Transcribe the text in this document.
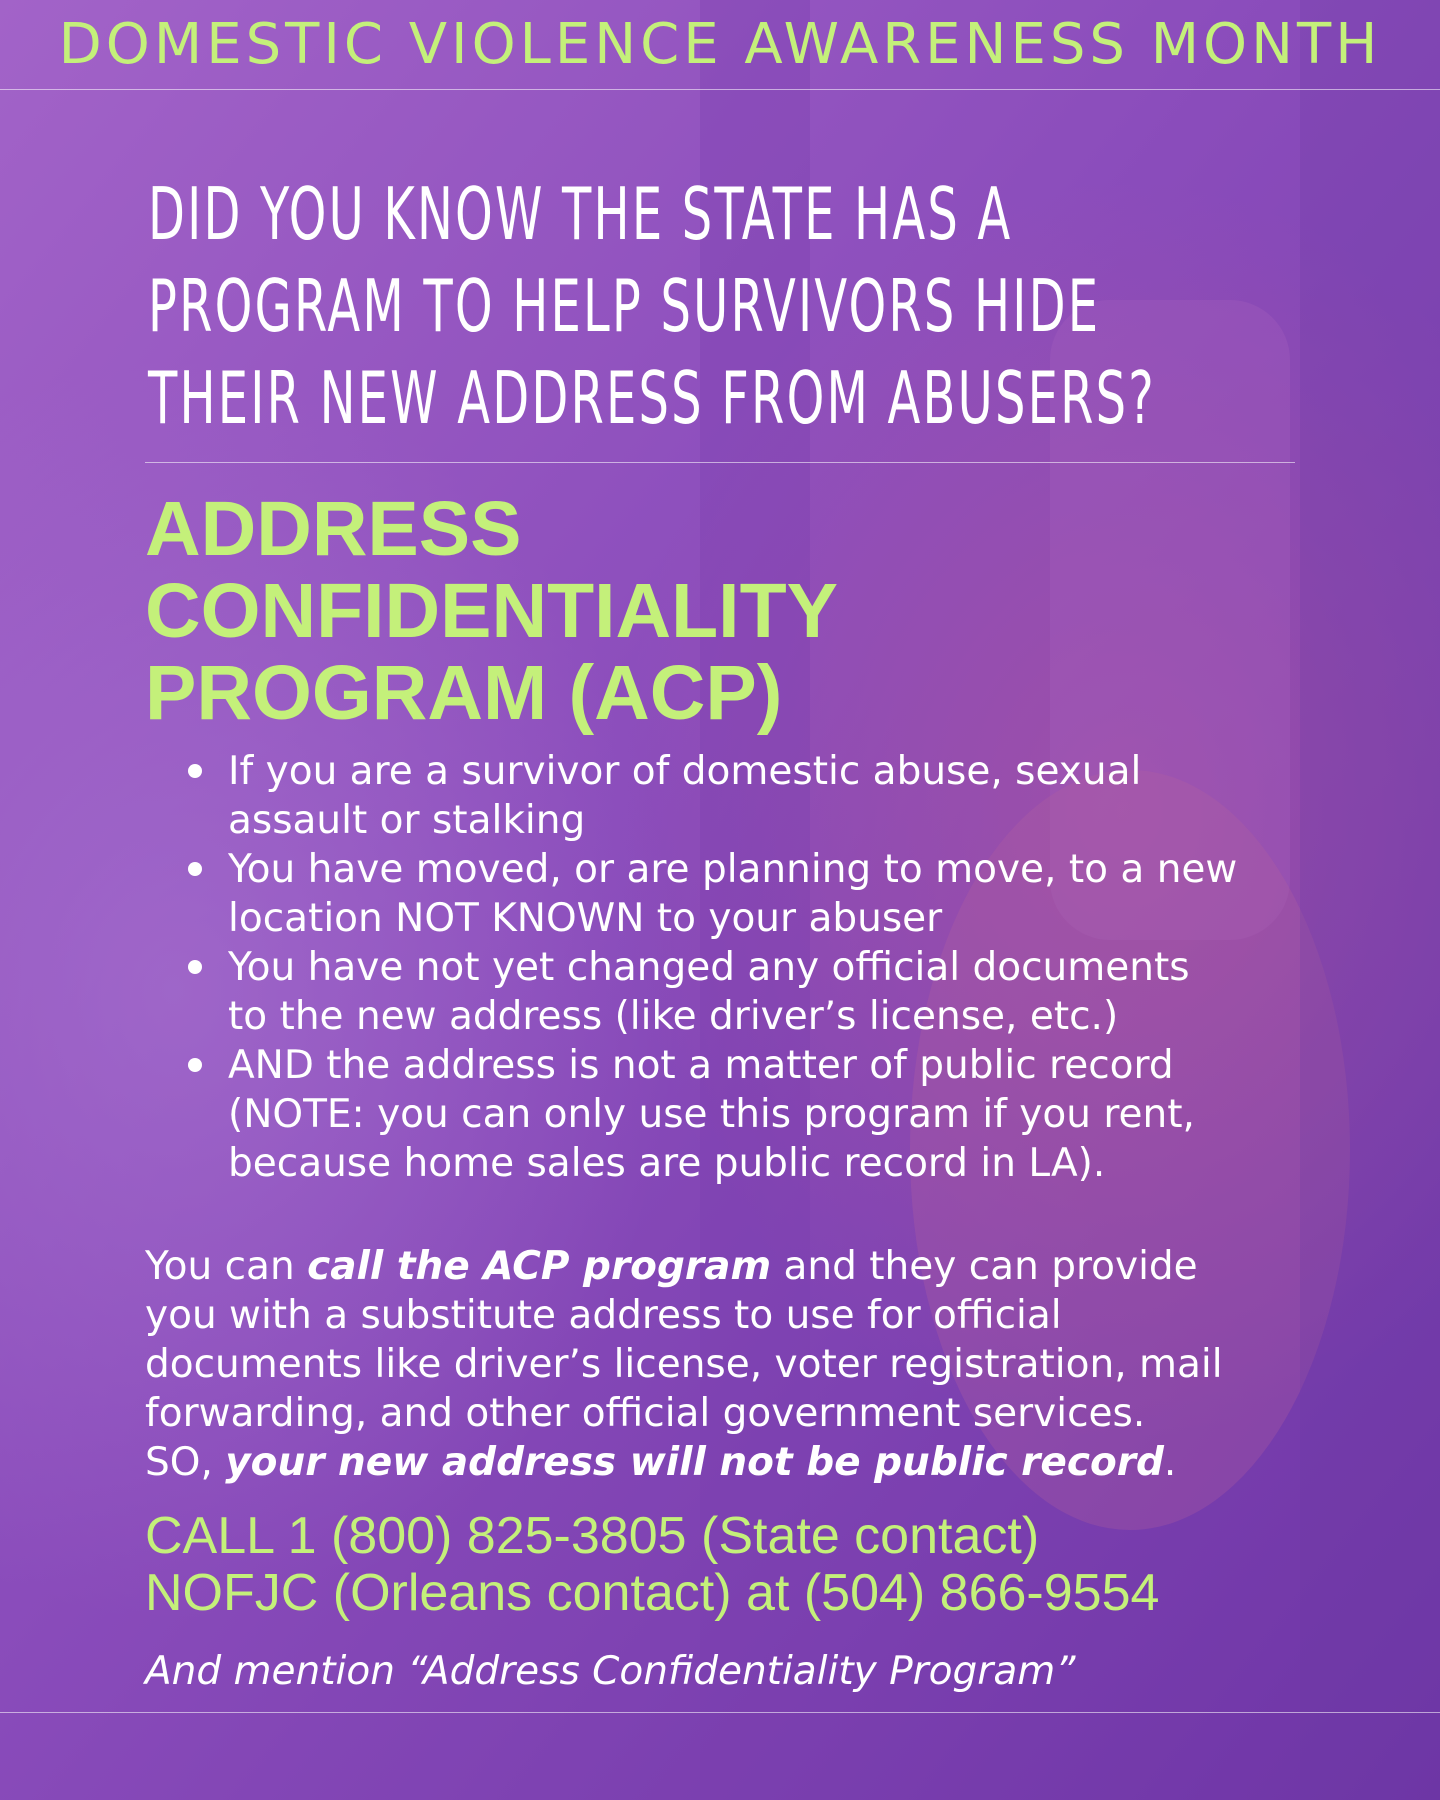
DOMESTIC VIOLENCE AWARENESS MONTH
DID YOU KNOW THE STATE HAS A
PROGRAM TO HELP SURVIVORS HIDE
THEIR NEW ADDRESS FROM ABUSERS?
ADDRESS
CONFIDENTIALITY
PROGRAM (ACP)
If you are a survivor of domestic abuse, sexual
assault or stalking
You have moved, or are planning to move, to a new
location NOT KNOWN to your abuser
You have not yet changed any official documents
to the new address (like driver’s license, etc.)
AND the address is not a matter of public record
(NOTE: you can only use this program if you rent,
because home sales are public record in LA).
You can call the ACP program and they can provide
you with a substitute address to use for official
documents like driver’s license, voter registration, mail
forwarding, and other official government services.
SO, your new address will not be public record.
CALL 1 (800) 825-3805 (State contact)
NOFJC (Orleans contact) at (504) 866-9554
And mention “Address Confidentiality Program”
